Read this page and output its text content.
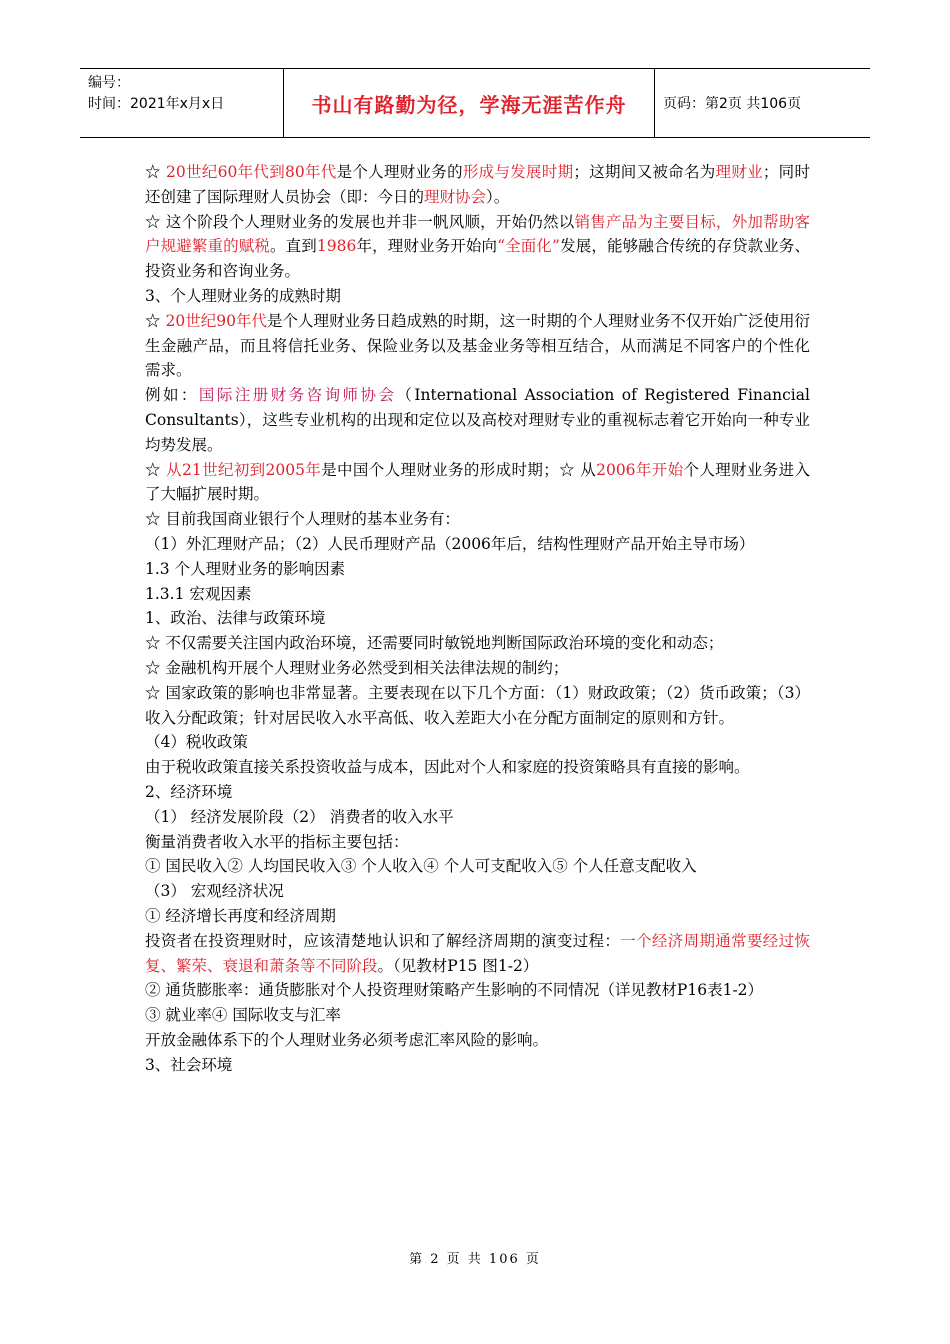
编号：
时间：2021年x月x日	书山有路勤为径，学海无涯苦作舟	页码：第2页 共106页

☆ 20世纪60年代到80年代是个人理财业务的形成与发展时期；这期间又被命名为理财业；同时还创建了国际理财人员协会（即：今日的理财协会）。

☆ 这个阶段个人理财业务的发展也并非一帆风顺，开始仍然以销售产品为主要目标，外加帮助客户规避繁重的赋税。直到1986年，理财业务开始向“全面化”发展，能够融合传统的存贷款业务、投资业务和咨询业务。

3、个人理财业务的成熟时期

☆ 20世纪90年代是个人理财业务日趋成熟的时期，这一时期的个人理财业务不仅开始广泛使用衍生金融产品，而且将信托业务、保险业务以及基金业务等相互结合，从而满足不同客户的个性化需求。

例如：国际注册财务咨询师协会（International Association of Registered Financial Consultants），这些专业机构的出现和定位以及高校对理财专业的重视标志着它开始向一种专业均势发展。

☆ 从21世纪初到2005年是中国个人理财业务的形成时期；☆ 从2006年开始个人理财业务进入了大幅扩展时期。

☆ 目前我国商业银行个人理财的基本业务有：

（1）外汇理财产品；（2）人民币理财产品（2006年后，结构性理财产品开始主导市场）

1.3 个人理财业务的影响因素

1.3.1 宏观因素

1、政治、法律与政策环境

☆ 不仅需要关注国内政治环境，还需要同时敏锐地判断国际政治环境的变化和动态；

☆ 金融机构开展个人理财业务必然受到相关法律法规的制约；

☆ 国家政策的影响也非常显著。主要表现在以下几个方面：（1）财政政策；（2）货币政策；（3）收入分配政策；针对居民收入水平高低、收入差距大小在分配方面制定的原则和方针。

（4）税收政策

由于税收政策直接关系投资收益与成本，因此对个人和家庭的投资策略具有直接的影响。

2、经济环境

（1） 经济发展阶段（2） 消费者的收入水平

衡量消费者收入水平的指标主要包括：

① 国民收入② 人均国民收入③ 个人收入④ 个人可支配收入⑤ 个人任意支配收入

（3） 宏观经济状况

① 经济增长再度和经济周期

投资者在投资理财时，应该清楚地认识和了解经济周期的演变过程：一个经济周期通常要经过恢复、繁荣、衰退和萧条等不同阶段。（见教材P15 图1-2）

② 通货膨胀率：通货膨胀对个人投资理财策略产生影响的不同情况（详见教材P16表1-2）

③ 就业率④ 国际收支与汇率

开放金融体系下的个人理财业务必须考虑汇率风险的影响。

3、社会环境

第 2 页 共 106 页
